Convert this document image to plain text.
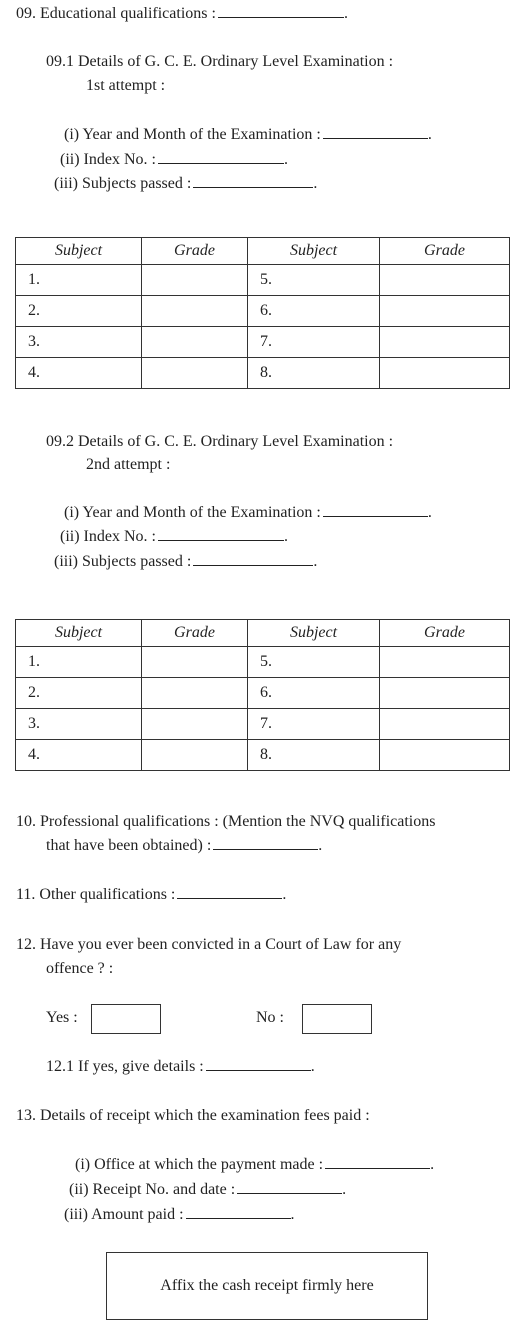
09. Educational qualifications :	.
09.1 Details of G. C. E. Ordinary Level Examination :
1st attempt :
(i) Year and Month of the Examination :	.
(ii) Index No. :	.
(iii) Subjects passed :	.
Subject	Grade	Subject	Grade
1.		5.	
2.		6.	
3.		7.	
4.		8.	
09.2 Details of G. C. E. Ordinary Level Examination :
2nd attempt :
(i) Year and Month of the Examination :	.
(ii) Index No. :	.
(iii) Subjects passed :	.
Subject	Grade	Subject	Grade
1.		5.	
2.		6.	
3.		7.	
4.		8.	
10. Professional qualifications : (Mention the NVQ qualifications
that have been obtained) :	.
11. Other qualifications :	.
12. Have you ever been convicted in a Court of Law for any
offence ? :
Yes :	No :
12.1 If yes, give details :	.
13. Details of receipt which the examination fees paid :
(i) Office at which the payment made :	.
(ii) Receipt No. and date :	.
(iii) Amount paid :	.
Affix the cash receipt firmly here
